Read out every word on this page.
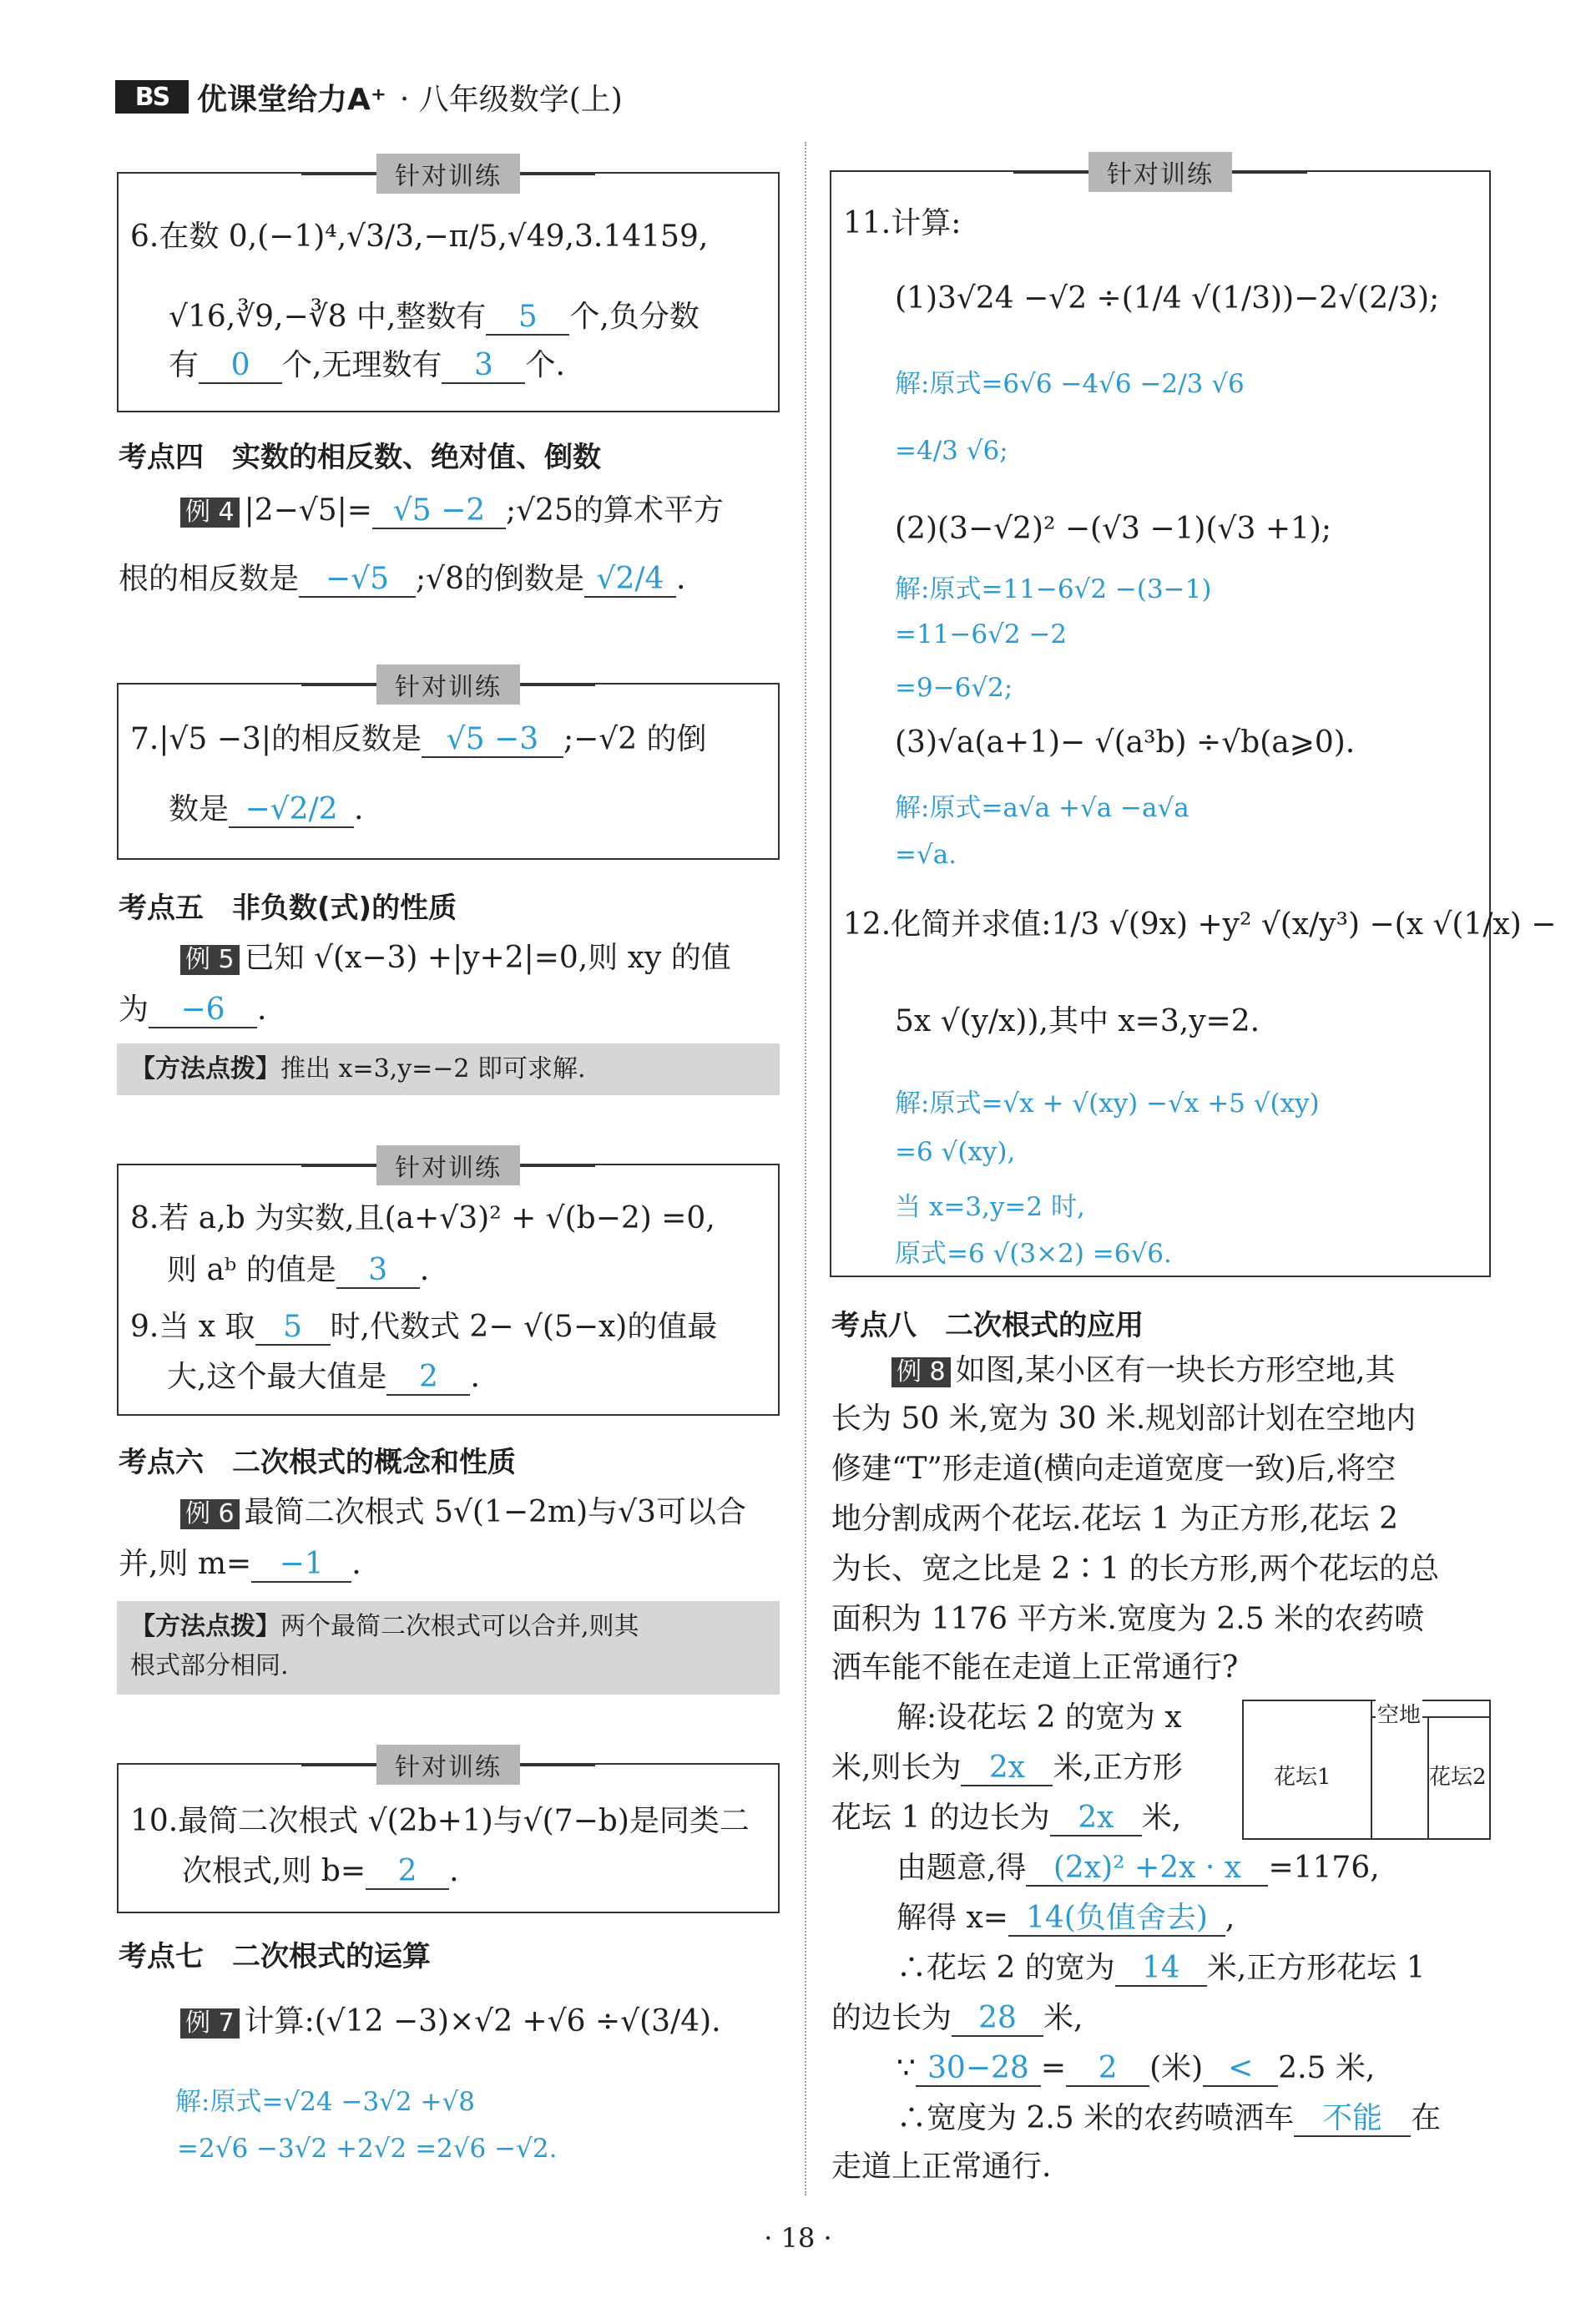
BS 优课堂给力A⁺ · 八年级数学(上)
针对训练
6.在数 0,(−1)⁴,√3/3,−π/5,√49,3.14159,
√16,∛9,−∛8 中,整数有 5 个,负分数
有 0 个,无理数有 3 个.
考点四　实数的相反数、绝对值、倒数
例 4 |2−√5|= √5 −2 ;√25的算术平方
根的相反数是 −√5 ;√8的倒数是 √2/4 .
针对训练
7.|√5 −3|的相反数是 √5 −3 ;−√2 的倒
数是 −√2/2 .
考点五　非负数(式)的性质
例 5 已知 √(x−3) +|y+2|=0,则 xy 的值
为 −6 .
【方法点拨】推出 x=3,y=−2 即可求解.
针对训练
8.若 a,b 为实数,且(a+√3)² + √(b−2) =0,
则 aᵇ 的值是 3 .
9.当 x 取 5 时,代数式 2− √(5−x)的值最
大,这个最大值是 2 .
考点六　二次根式的概念和性质
例 6 最简二次根式 5√(1−2m)与√3可以合
并,则 m= −1 .
【方法点拨】两个最简二次根式可以合并,则其
根式部分相同.
针对训练
10.最简二次根式 √(2b+1)与√(7−b)是同类二
次根式,则 b= 2 .
考点七　二次根式的运算
例 7 计算:(√12 −3)×√2 +√6 ÷√(3/4).
解:原式=√24 −3√2 +√8
=2√6 −3√2 +2√2 =2√6 −√2.
针对训练
11.计算:
(1)3√24 −√2 ÷(1/4 √(1/3))−2√(2/3);
解:原式=6√6 −4√6 −2/3 √6
=4/3 √6;
(2)(3−√2)² −(√3 −1)(√3 +1);
解:原式=11−6√2 −(3−1)
=11−6√2 −2
=9−6√2;
(3)√a(a+1)− √(a³b) ÷√b(a⩾0).
解:原式=a√a +√a −a√a
=√a.
12.化简并求值:1/3 √(9x) +y² √(x/y³) −(x √(1/x) −
5x √(y/x)),其中 x=3,y=2.
解:原式=√x + √(xy) −√x +5 √(xy)
=6 √(xy),
当 x=3,y=2 时,
原式=6 √(3×2) =6√6.
考点八　二次根式的应用
例 8 如图,某小区有一块长方形空地,其
长为 50 米,宽为 30 米.规划部计划在空地内
修建“T”形走道(横向走道宽度一致)后,将空
地分割成两个花坛.花坛 1 为正方形,花坛 2
为长、宽之比是 2∶1 的长方形,两个花坛的总
面积为 1176 平方米.宽度为 2.5 米的农药喷
洒车能不能在走道上正常通行?
解:设花坛 2 的宽为 x
米,则长为 2x 米,正方形
花坛 1 的边长为 2x 米,
由题意,得 (2x)² +2x · x =1176,
解得 x= 14(负值舍去) ,
∴花坛 2 的宽为 14 米,正方形花坛 1
的边长为 28 米,
∵ 30−28 = 2 (米) < 2.5 米,
∴宽度为 2.5 米的农药喷洒车 不能 在
走道上正常通行.
空地
花坛1	花坛2
· 18 ·
